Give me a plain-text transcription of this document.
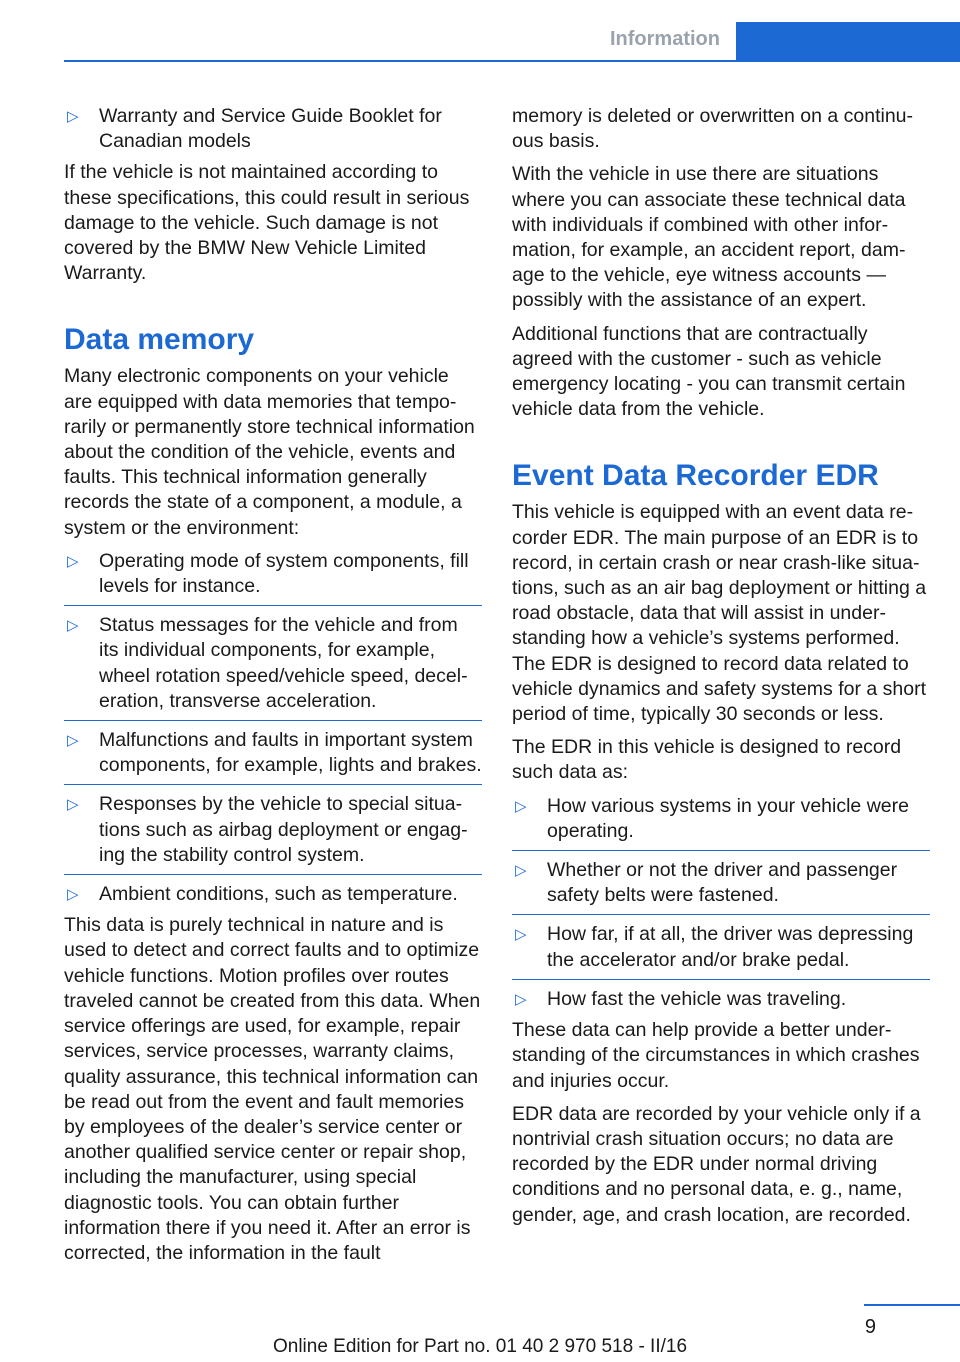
Information
▷ Warranty and Service Guide Booklet for Canadian models

If the vehicle is not maintained according to these specifications, this could result in serious damage to the vehicle. Such damage is not covered by the BMW New Vehicle Limited Warranty.

Data memory

Many electronic components on your vehicle are equipped with data memories that temporarily or permanently store technical information about the condition of the vehicle, events and faults. This technical information generally records the state of a component, a module, a system or the environment:

▷ Operating mode of system components, fill levels for instance.
▷ Status messages for the vehicle and from its individual components, for example, wheel rotation speed/vehicle speed, deceleration, transverse acceleration.
▷ Malfunctions and faults in important system components, for example, lights and brakes.
▷ Responses by the vehicle to special situations such as airbag deployment or engaging the stability control system.
▷ Ambient conditions, such as temperature.

This data is purely technical in nature and is used to detect and correct faults and to optimize vehicle functions. Motion profiles over routes traveled cannot be created from this data. When service offerings are used, for example, repair services, service processes, warranty claims, quality assurance, this technical information can be read out from the event and fault memories by employees of the dealer’s service center or another qualified service center or repair shop, including the manufacturer, using special diagnostic tools. You can obtain further information there if you need it. After an error is corrected, the information in the fault

memory is deleted or overwritten on a continuous basis.

With the vehicle in use there are situations where you can associate these technical data with individuals if combined with other information, for example, an accident report, damage to the vehicle, eye witness accounts — possibly with the assistance of an expert.

Additional functions that are contractually agreed with the customer - such as vehicle emergency locating - you can transmit certain vehicle data from the vehicle.

Event Data Recorder EDR

This vehicle is equipped with an event data recorder EDR. The main purpose of an EDR is to record, in certain crash or near crash-like situations, such as an air bag deployment or hitting a road obstacle, data that will assist in understanding how a vehicle’s systems performed. The EDR is designed to record data related to vehicle dynamics and safety systems for a short period of time, typically 30 seconds or less.

The EDR in this vehicle is designed to record such data as:

▷ How various systems in your vehicle were operating.
▷ Whether or not the driver and passenger safety belts were fastened.
▷ How far, if at all, the driver was depressing the accelerator and/or brake pedal.
▷ How fast the vehicle was traveling.

These data can help provide a better understanding of the circumstances in which crashes and injuries occur.

EDR data are recorded by your vehicle only if a nontrivial crash situation occurs; no data are recorded by the EDR under normal driving conditions and no personal data, e. g., name, gender, age, and crash location, are recorded.

9
Online Edition for Part no. 01 40 2 970 518 - II/16
